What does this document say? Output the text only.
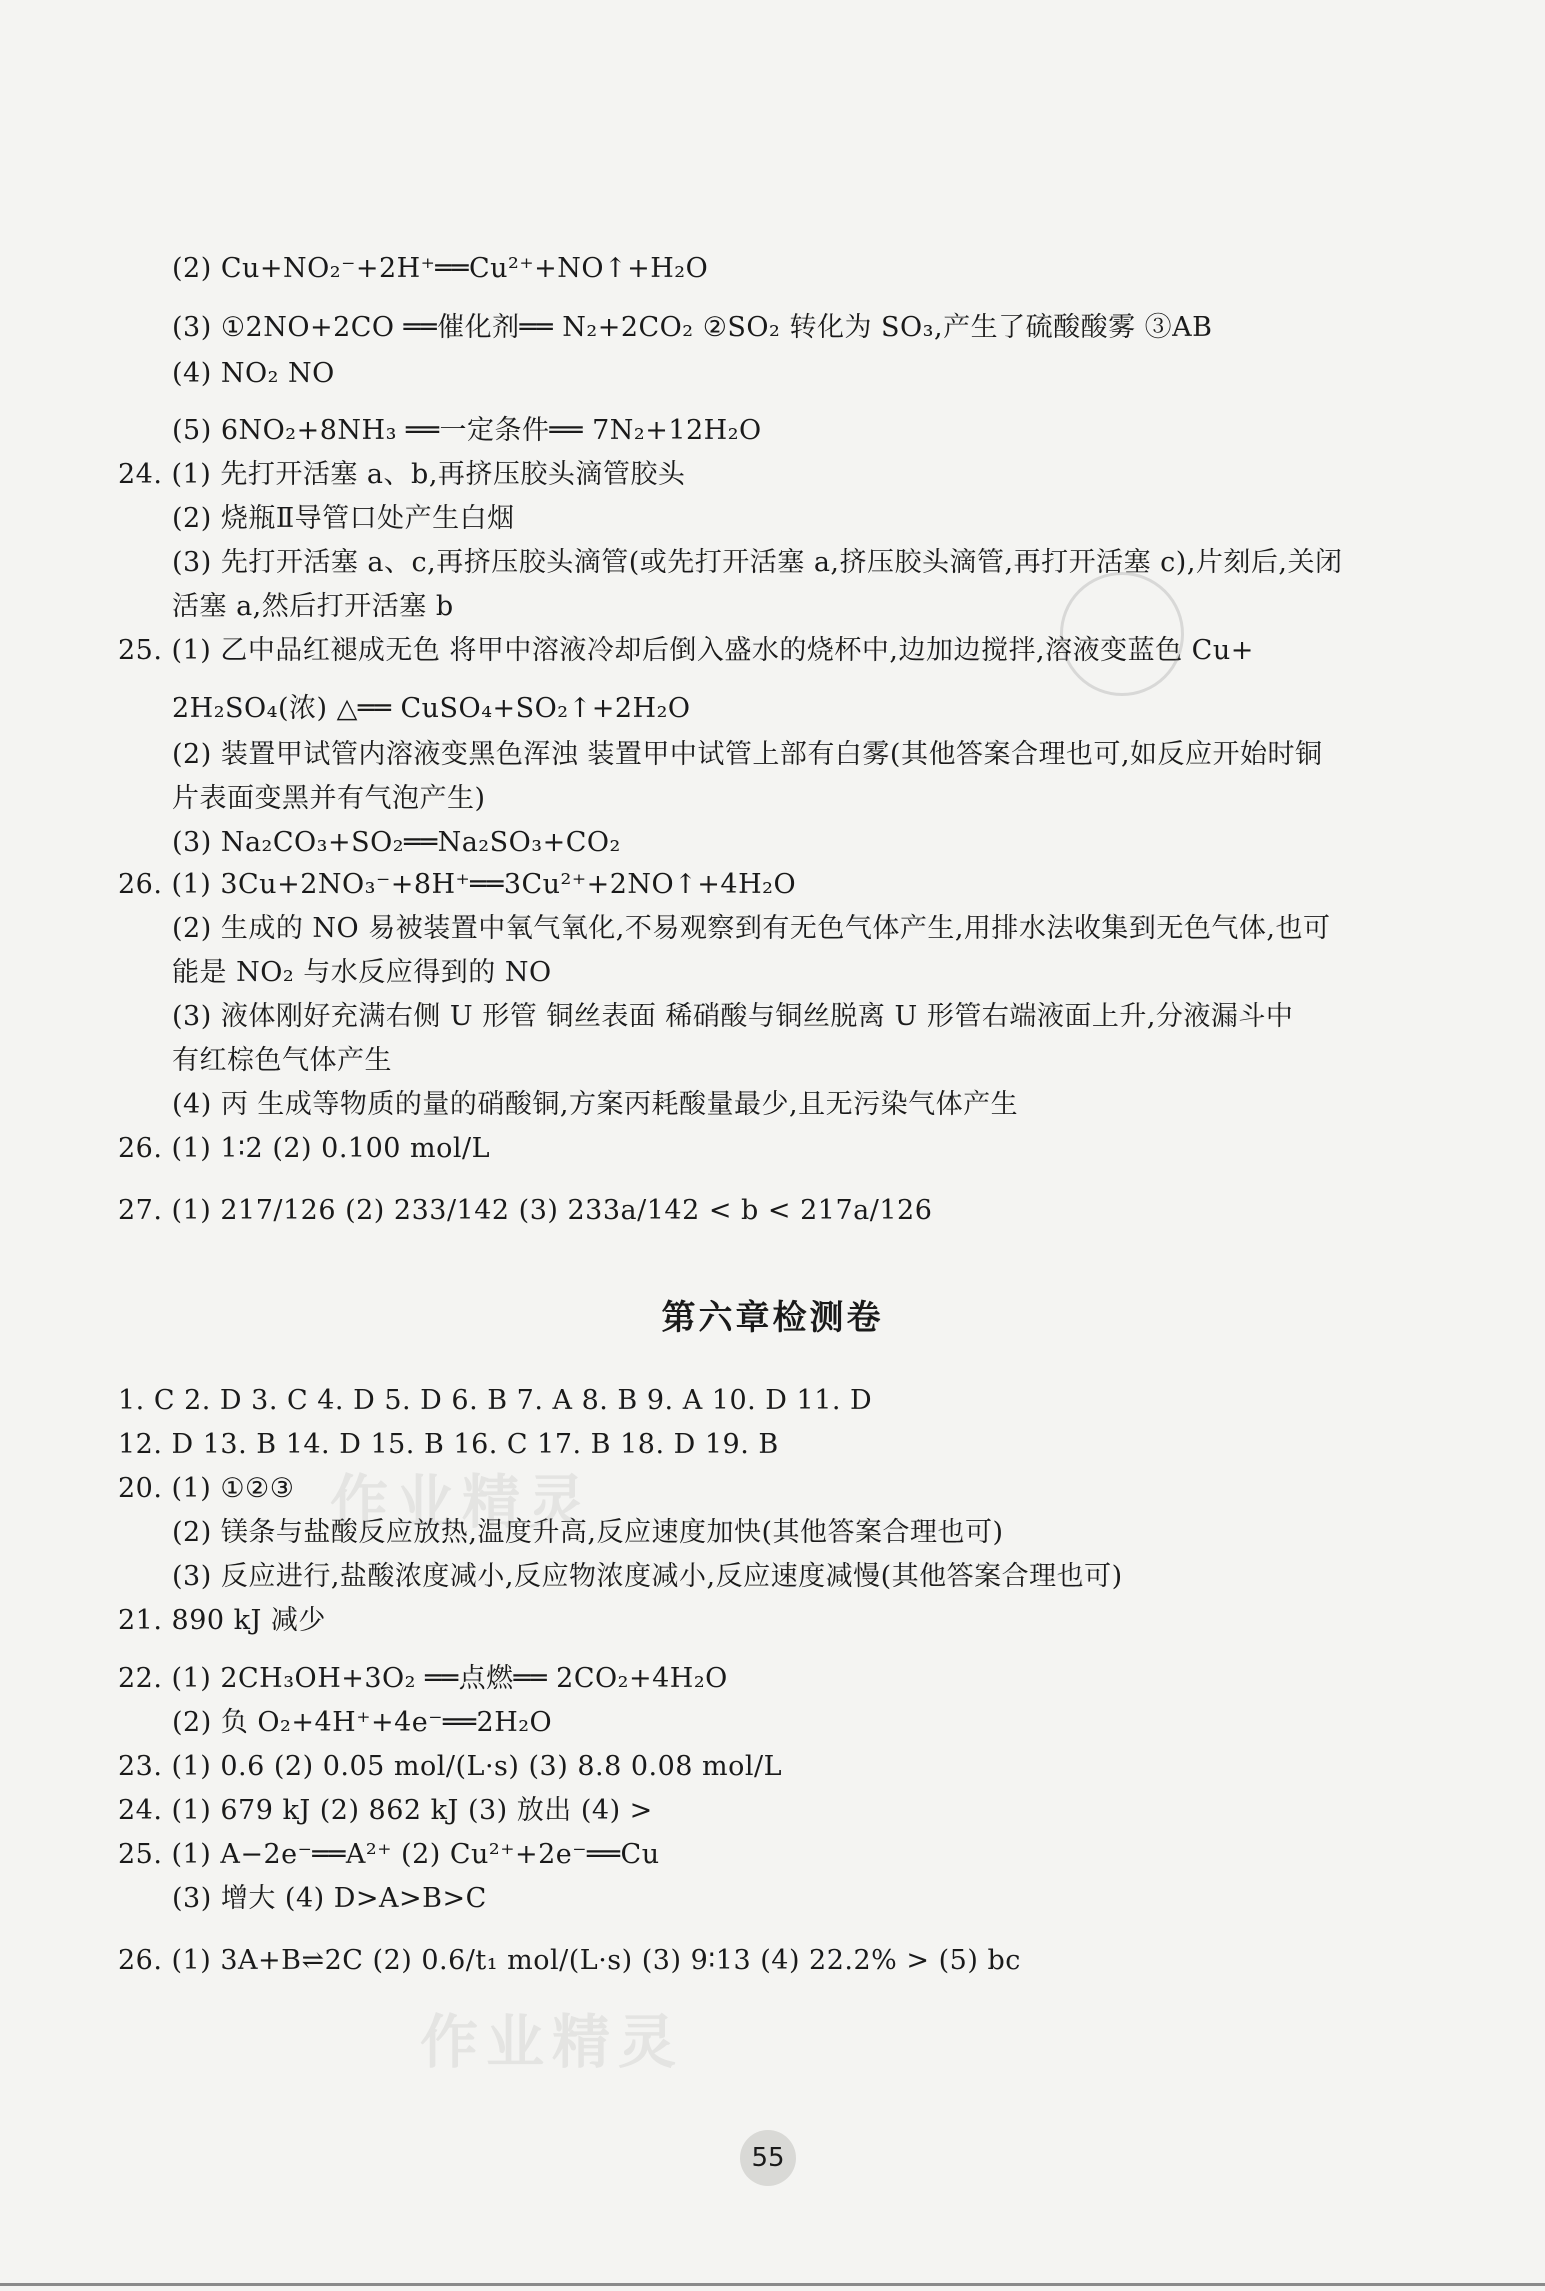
(2) Cu+NO₂⁻+2H⁺══Cu²⁺+NO↑+H₂O
(3) ①2NO+2CO ══催化剂══ N₂+2CO₂ ②SO₂ 转化为 SO₃,产生了硫酸酸雾 ③AB
(4) NO₂ NO
(5) 6NO₂+8NH₃ ══一定条件══ 7N₂+12H₂O
24. (1) 先打开活塞 a、b,再挤压胶头滴管胶头
(2) 烧瓶Ⅱ导管口处产生白烟
(3) 先打开活塞 a、c,再挤压胶头滴管(或先打开活塞 a,挤压胶头滴管,再打开活塞 c),片刻后,关闭
活塞 a,然后打开活塞 b
25. (1) 乙中品红褪成无色 将甲中溶液冷却后倒入盛水的烧杯中,边加边搅拌,溶液变蓝色 Cu+
2H₂SO₄(浓) △══ CuSO₄+SO₂↑+2H₂O
(2) 装置甲试管内溶液变黑色浑浊 装置甲中试管上部有白雾(其他答案合理也可,如反应开始时铜
片表面变黑并有气泡产生)
(3) Na₂CO₃+SO₂══Na₂SO₃+CO₂
26. (1) 3Cu+2NO₃⁻+8H⁺══3Cu²⁺+2NO↑+4H₂O
(2) 生成的 NO 易被装置中氧气氧化,不易观察到有无色气体产生,用排水法收集到无色气体,也可
能是 NO₂ 与水反应得到的 NO
(3) 液体刚好充满右侧 U 形管 铜丝表面 稀硝酸与铜丝脱离 U 形管右端液面上升,分液漏斗中
有红棕色气体产生
(4) 丙 生成等物质的量的硝酸铜,方案丙耗酸量最少,且无污染气体产生
26. (1) 1∶2 (2) 0.100 mol/L
27. (1) 217/126 (2) 233/142 (3) 233a/142 < b < 217a/126
第六章检测卷
1. C 2. D 3. C 4. D 5. D 6. B 7. A 8. B 9. A 10. D 11. D
12. D 13. B 14. D 15. B 16. C 17. B 18. D 19. B
20. (1) ①②③
(2) 镁条与盐酸反应放热,温度升高,反应速度加快(其他答案合理也可)
(3) 反应进行,盐酸浓度减小,反应物浓度减小,反应速度减慢(其他答案合理也可)
21. 890 kJ 减少
22. (1) 2CH₃OH+3O₂ ══点燃══ 2CO₂+4H₂O
(2) 负 O₂+4H⁺+4e⁻══2H₂O
23. (1) 0.6 (2) 0.05 mol/(L·s) (3) 8.8 0.08 mol/L
24. (1) 679 kJ (2) 862 kJ (3) 放出 (4) >
25. (1) A−2e⁻══A²⁺ (2) Cu²⁺+2e⁻══Cu
(3) 增大 (4) D>A>B>C
26. (1) 3A+B⇌2C (2) 0.6/t₁ mol/(L·s) (3) 9∶13 (4) 22.2% > (5) bc
作业精灵
作业精灵
55
